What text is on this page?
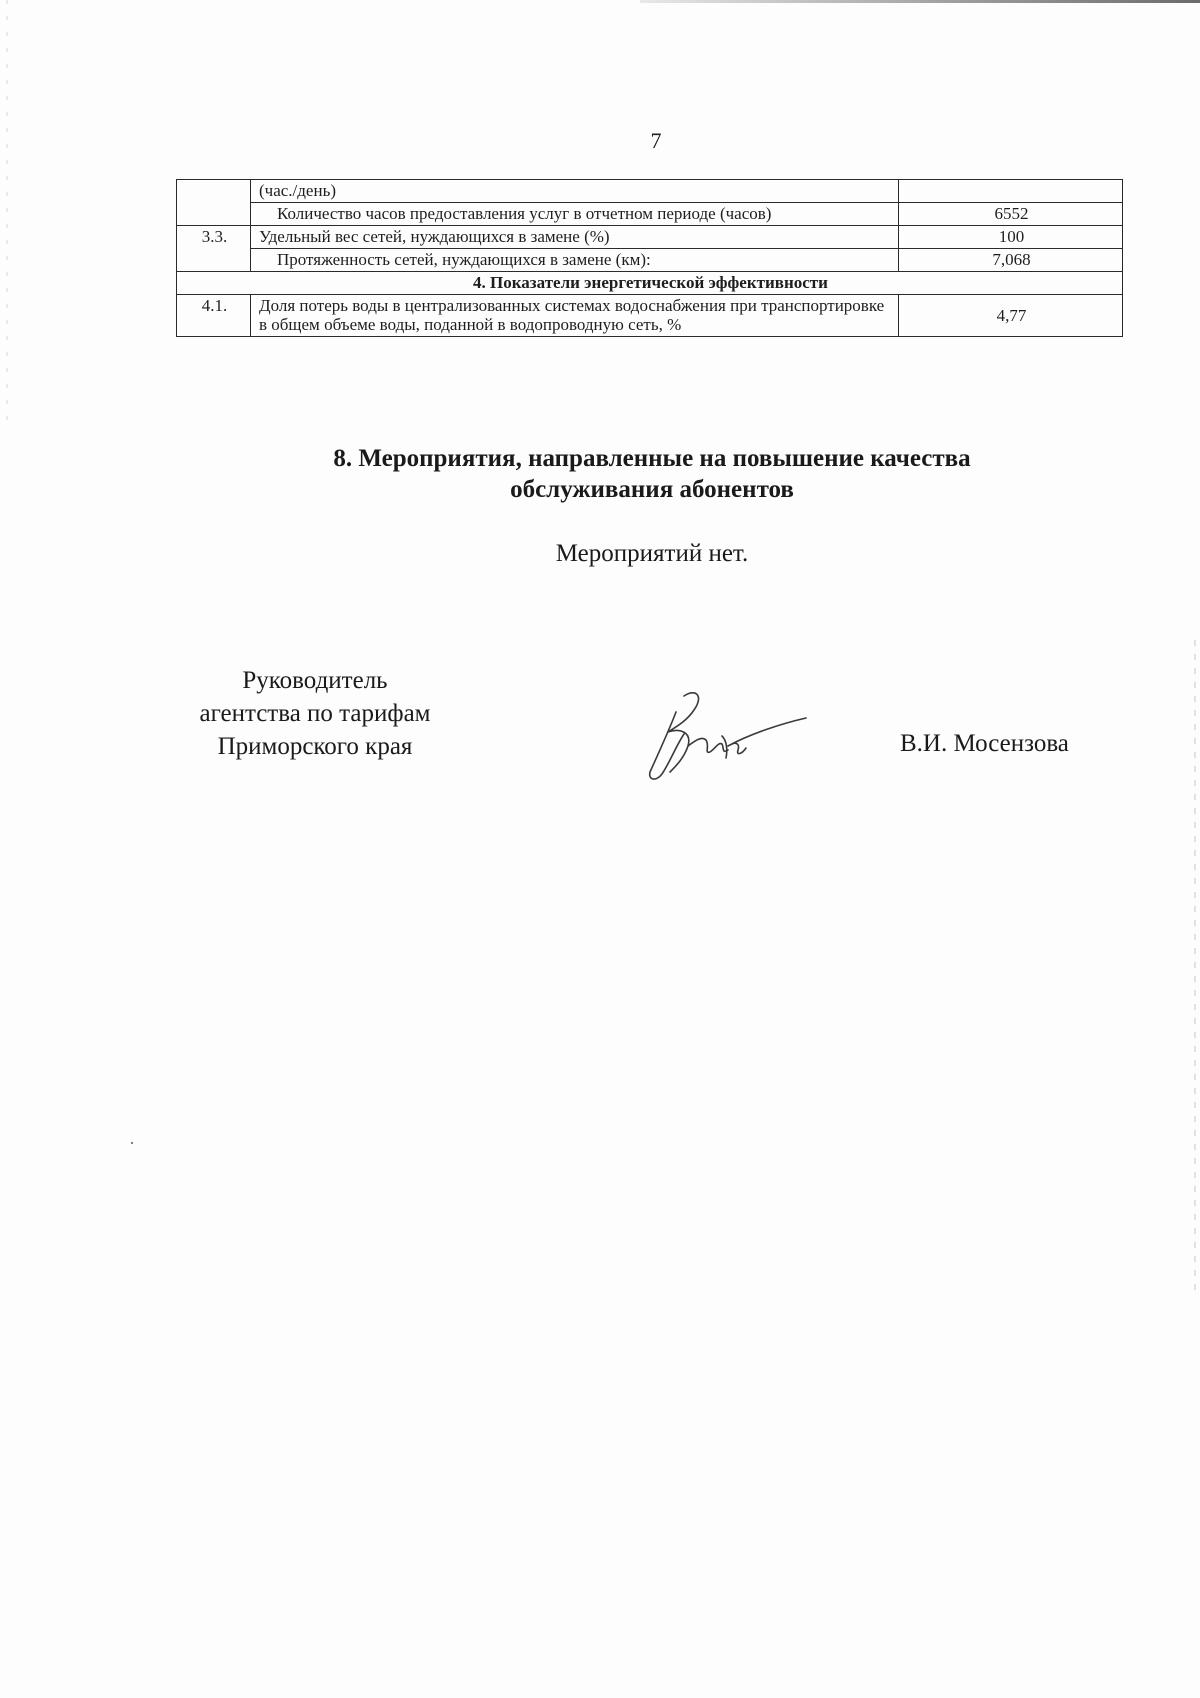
7
	(час./день)	
	Количество часов предоставления услуг в отчетном периоде (часов)	6552
3.3.	Удельный вес сетей, нуждающихся в замене (%)	100
	Протяженность сетей, нуждающихся в замене (км):	7,068
4. Показатели энергетической эффективности		
4.1.	Доля потерь воды в централизованных системах водоснабжения при транспортировке в общем объеме воды, поданной в водопроводную сеть, %	4,77
8. Мероприятия, направленные на повышение качества
обслуживания абонентов
Мероприятий нет.
Руководитель
агентства по тарифам
Приморского края	В.И. Мосензова
